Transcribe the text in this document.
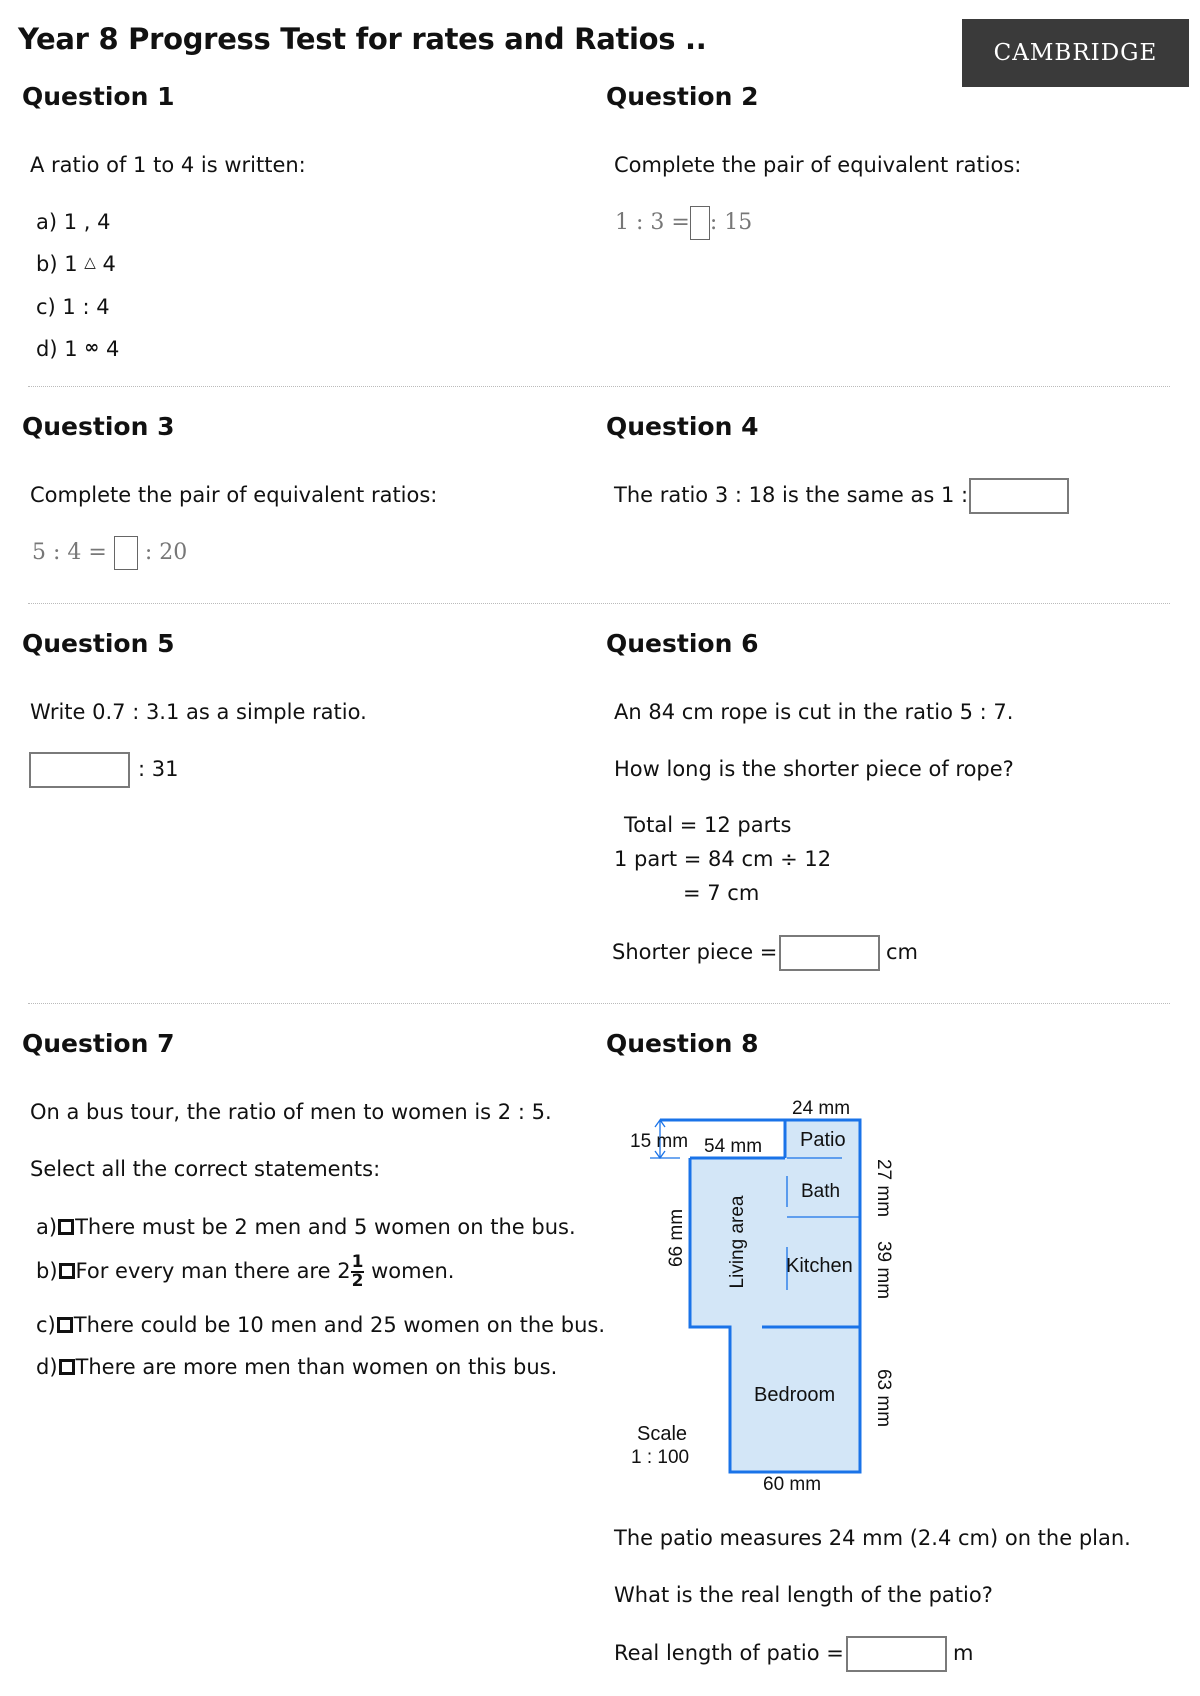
Year 8 Progress Test for rates and Ratios ..	CAMBRIDGE
Question 1
A ratio of 1 to 4 is written:
a) 1 , 4
b) 1 △ 4
c) 1 : 4
d) 1 ∞ 4
Question 2
Complete the pair of equivalent ratios:
1 : 3 = : 15
Question 3
Complete the pair of equivalent ratios:
5 : 4 = : 20
Question 4
The ratio 3 : 18 is the same as 1 :
Question 5
Write 0.7 : 3.1 as a simple ratio.
: 31
Question 6
An 84 cm rope is cut in the ratio 5 : 7.
How long is the shorter piece of rope?
Total = 12 parts
1 part = 84 cm ÷ 12
= 7 cm
Shorter piece =	cm
Question 7
On a bus tour, the ratio of men to women is 2 : 5.
Select all the correct statements:
a) There must be 2 men and 5 women on the bus.
b) For every man there are $2 \frac{1}{2}$ women.
c) There could be 10 men and 25 women on the bus.
d) There are more men than women on this bus.
Question 8
24 mm
15 mm 54 mm Patio
Bath
Kitchen
Bedroom
60 mm
Scale
1 : 100
Living area
66 mm
27 mm
39 mm
63 mm
The patio measures 24 mm (2.4 cm) on the plan.
What is the real length of the patio?
Real length of patio =	m
